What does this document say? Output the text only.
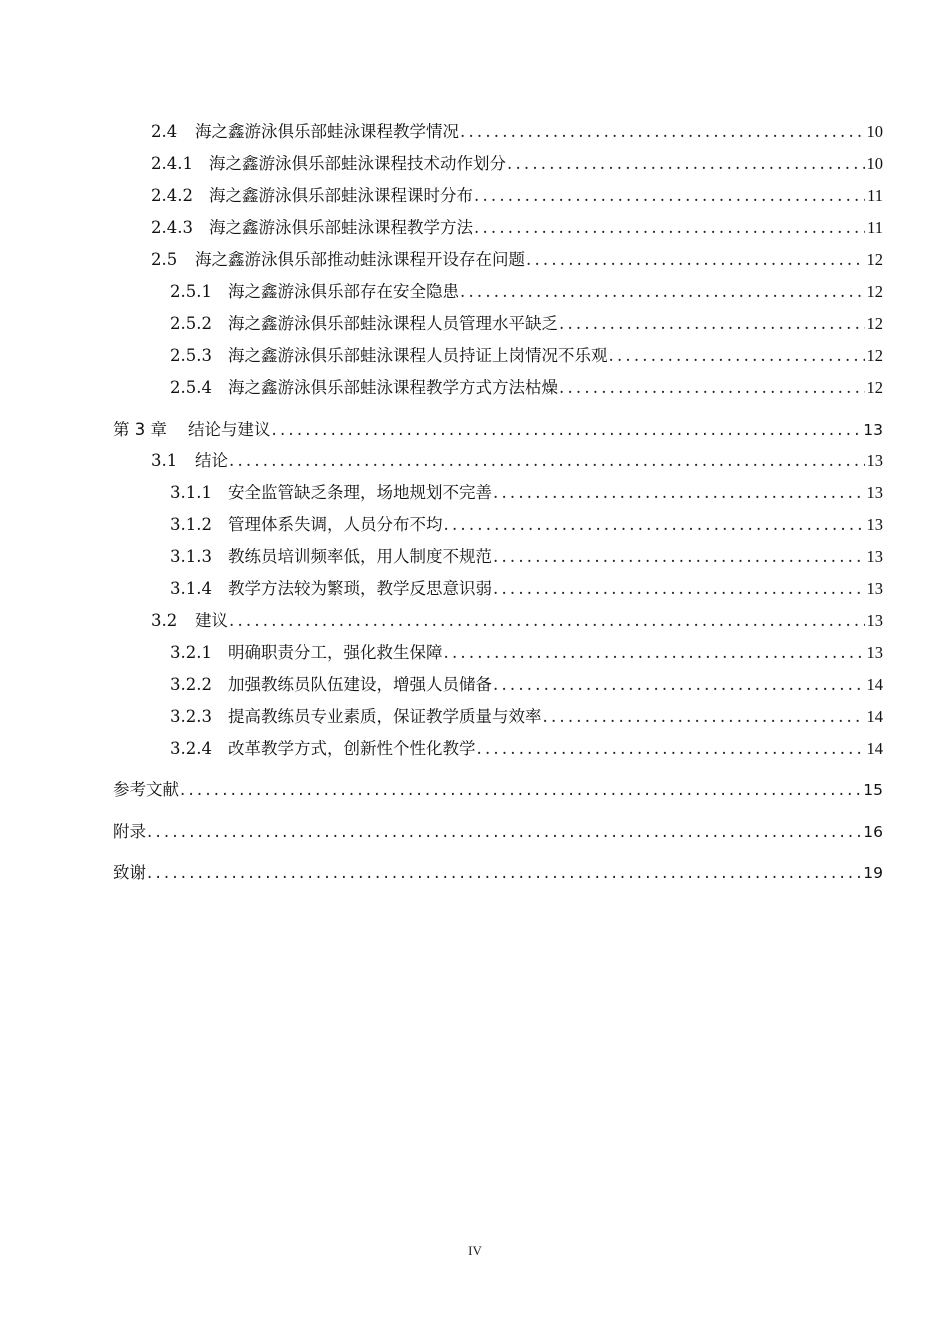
2.4	海之鑫游泳俱乐部蛙泳课程教学情况 .....	10
2.4.1 海之鑫游泳俱乐部蛙泳课程技术动作划分 .....	10
2.4.2 海之鑫游泳俱乐部蛙泳课程课时分布 .....	11
2.4.3 海之鑫游泳俱乐部蛙泳课程教学方法 .....	11
2.5	海之鑫游泳俱乐部推动蛙泳课程开设存在问题 .....	12
2.5.1 海之鑫游泳俱乐部存在安全隐患 .....	12
2.5.2 海之鑫游泳俱乐部蛙泳课程人员管理水平缺乏 .....	12
2.5.3 海之鑫游泳俱乐部蛙泳课程人员持证上岗情况不乐观 .....	12
2.5.4 海之鑫游泳俱乐部蛙泳课程教学方式方法枯燥 .....	12
第 3 章	结论与建议 .....	13
3.1	结论 .....	13
3.1.1 安全监管缺乏条理，场地规划不完善 .....	13
3.1.2 管理体系失调，人员分布不均 .....	13
3.1.3 教练员培训频率低，用人制度不规范 .....	13
3.1.4 教学方法较为繁琐，教学反思意识弱 .....	13
3.2	建议 .....	13
3.2.1 明确职责分工，强化救生保障 .....	13
3.2.2 加强教练员队伍建设，增强人员储备 .....	14
3.2.3 提高教练员专业素质，保证教学质量与效率 .....	14
3.2.4 改革教学方式，创新性个性化教学 .....	14
参考文献 .....	15
附录 .....	16
致谢 .....	19
IV
